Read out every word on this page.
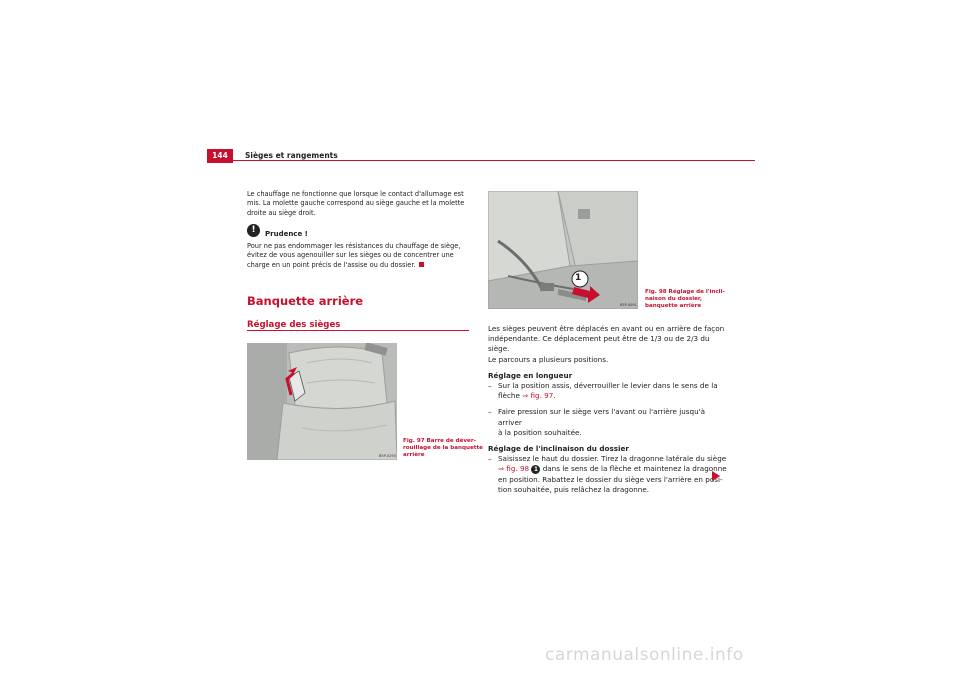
144	Sièges et rangements
Le chauffage ne fonctionne que lorsque le contact d'allumage est mis. La molette gauche correspond au siège gauche et la molette droite au siège droit.
!	Prudence !
Pour ne pas endommager les résistances du chauffage de siège, évitez de vous agenouiller sur les sièges ou de concentrer une charge en un point précis de l'assise ou du dossier.
Banquette arrière
Réglage des sièges
B5P-0290
Fig. 97 Barre de déver-
rouillage de la banquette
arrière
1
B5P-0091
Fig. 98 Réglage de l'incli-
naison du dossier,
banquette arrière
Les sièges peuvent être déplacés en avant ou en arrière de façon
indépendante. Ce déplacement peut être de 1/3 ou de 2/3 du siège.
Le parcours a plusieurs positions.
Réglage en longueur
– Sur la position assis, déverrouiller le levier dans le sens de la
flèche ⇒ fig. 97.
– Faire pression sur le siège vers l'avant ou l'arrière jusqu'à arriver
à la position souhaitée.
Réglage de l'inclinaison du dossier
– Saisissez le haut du dossier. Tirez la dragonne latérale du siège
⇒ fig. 98 1 dans le sens de la flèche et maintenez la dragonne
en position. Rabattez le dossier du siège vers l'arrière en posi-
tion souhaitée, puis relâchez la dragonne.
carmanualsonline.info
